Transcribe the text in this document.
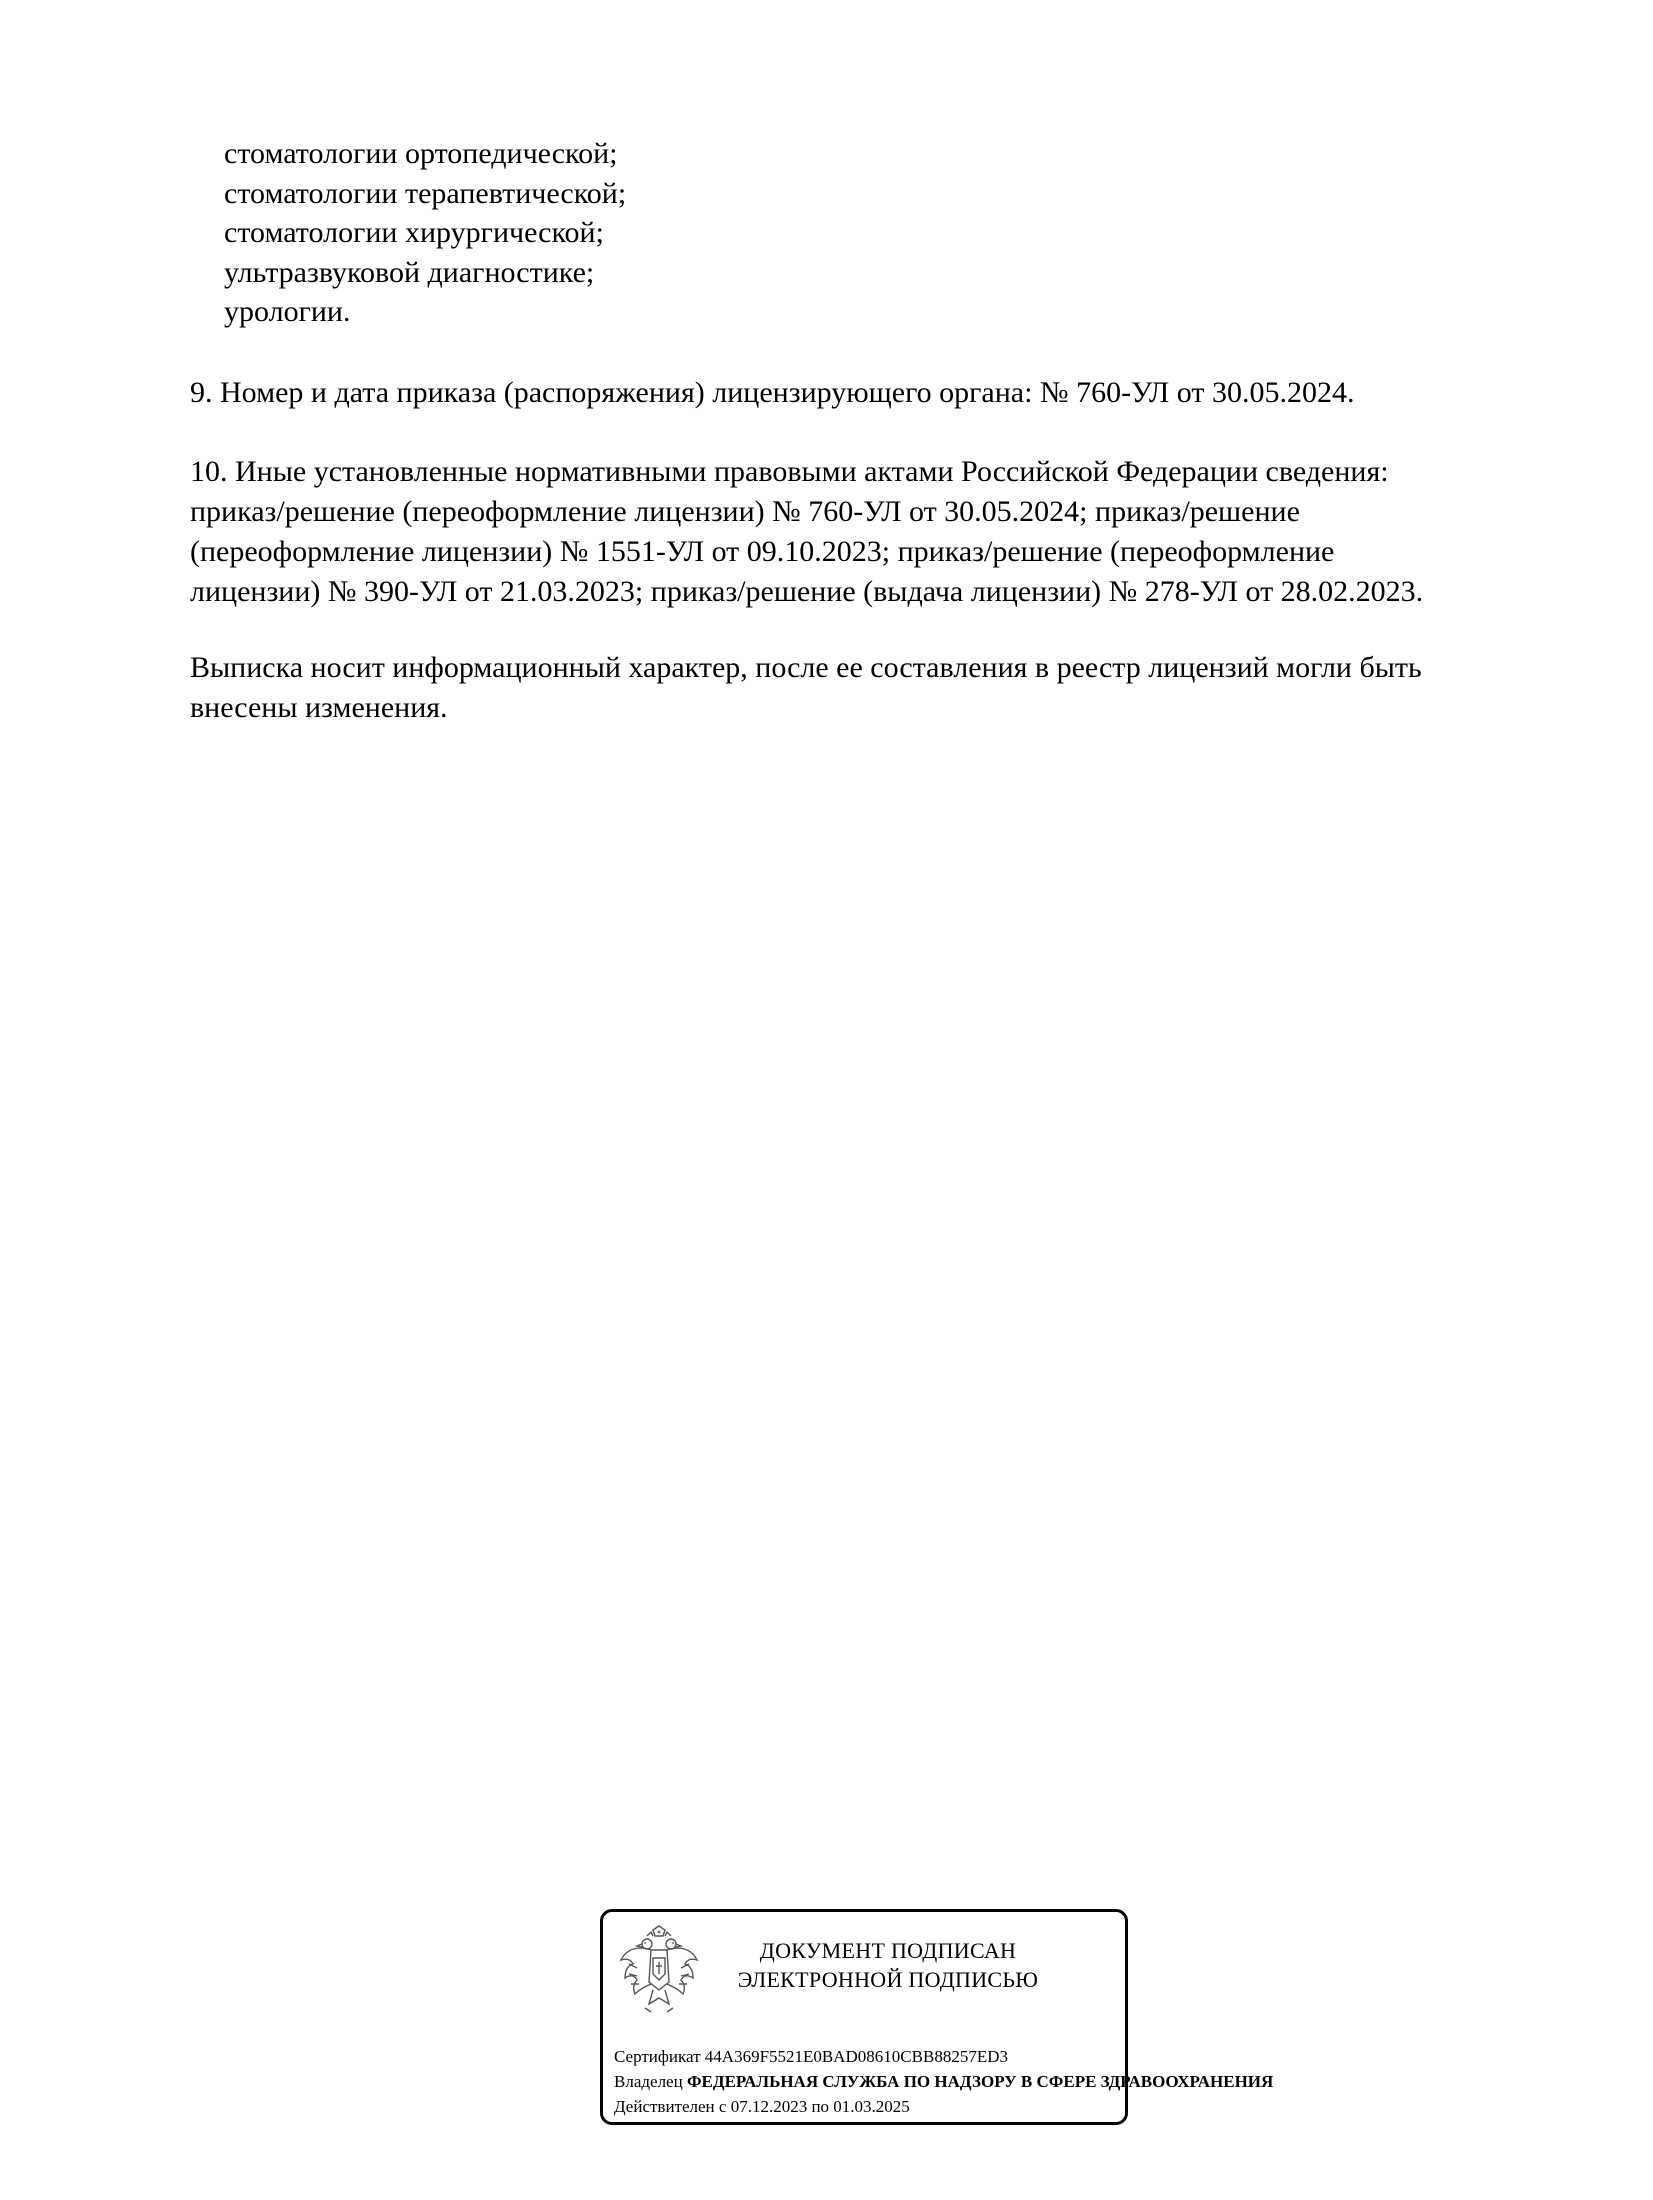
стоматологии ортопедической;
стоматологии терапевтической;
стоматологии хирургической;
ультразвуковой диагностике;
урологии.

9. Номер и дата приказа (распоряжения) лицензирующего органа: № 760-УЛ от 30.05.2024.

10. Иные установленные нормативными правовыми актами Российской Федерации сведения:
приказ/решение (переоформление лицензии) № 760-УЛ от 30.05.2024; приказ/решение
(переоформление лицензии) № 1551-УЛ от 09.10.2023; приказ/решение (переоформление
лицензии) № 390-УЛ от 21.03.2023; приказ/решение (выдача лицензии) № 278-УЛ от 28.02.2023.

Выписка носит информационный характер, после ее составления в реестр лицензий могли быть
внесены изменения.

ДОКУМЕНТ ПОДПИСАН
ЭЛЕКТРОННОЙ ПОДПИСЬЮ
Сертификат 44A369F5521E0BAD08610CBB88257ED3
Владелец ФЕДЕРАЛЬНАЯ СЛУЖБА ПО НАДЗОРУ В СФЕРЕ ЗДРАВООХРАНЕНИЯ
Действителен с 07.12.2023 по 01.03.2025
